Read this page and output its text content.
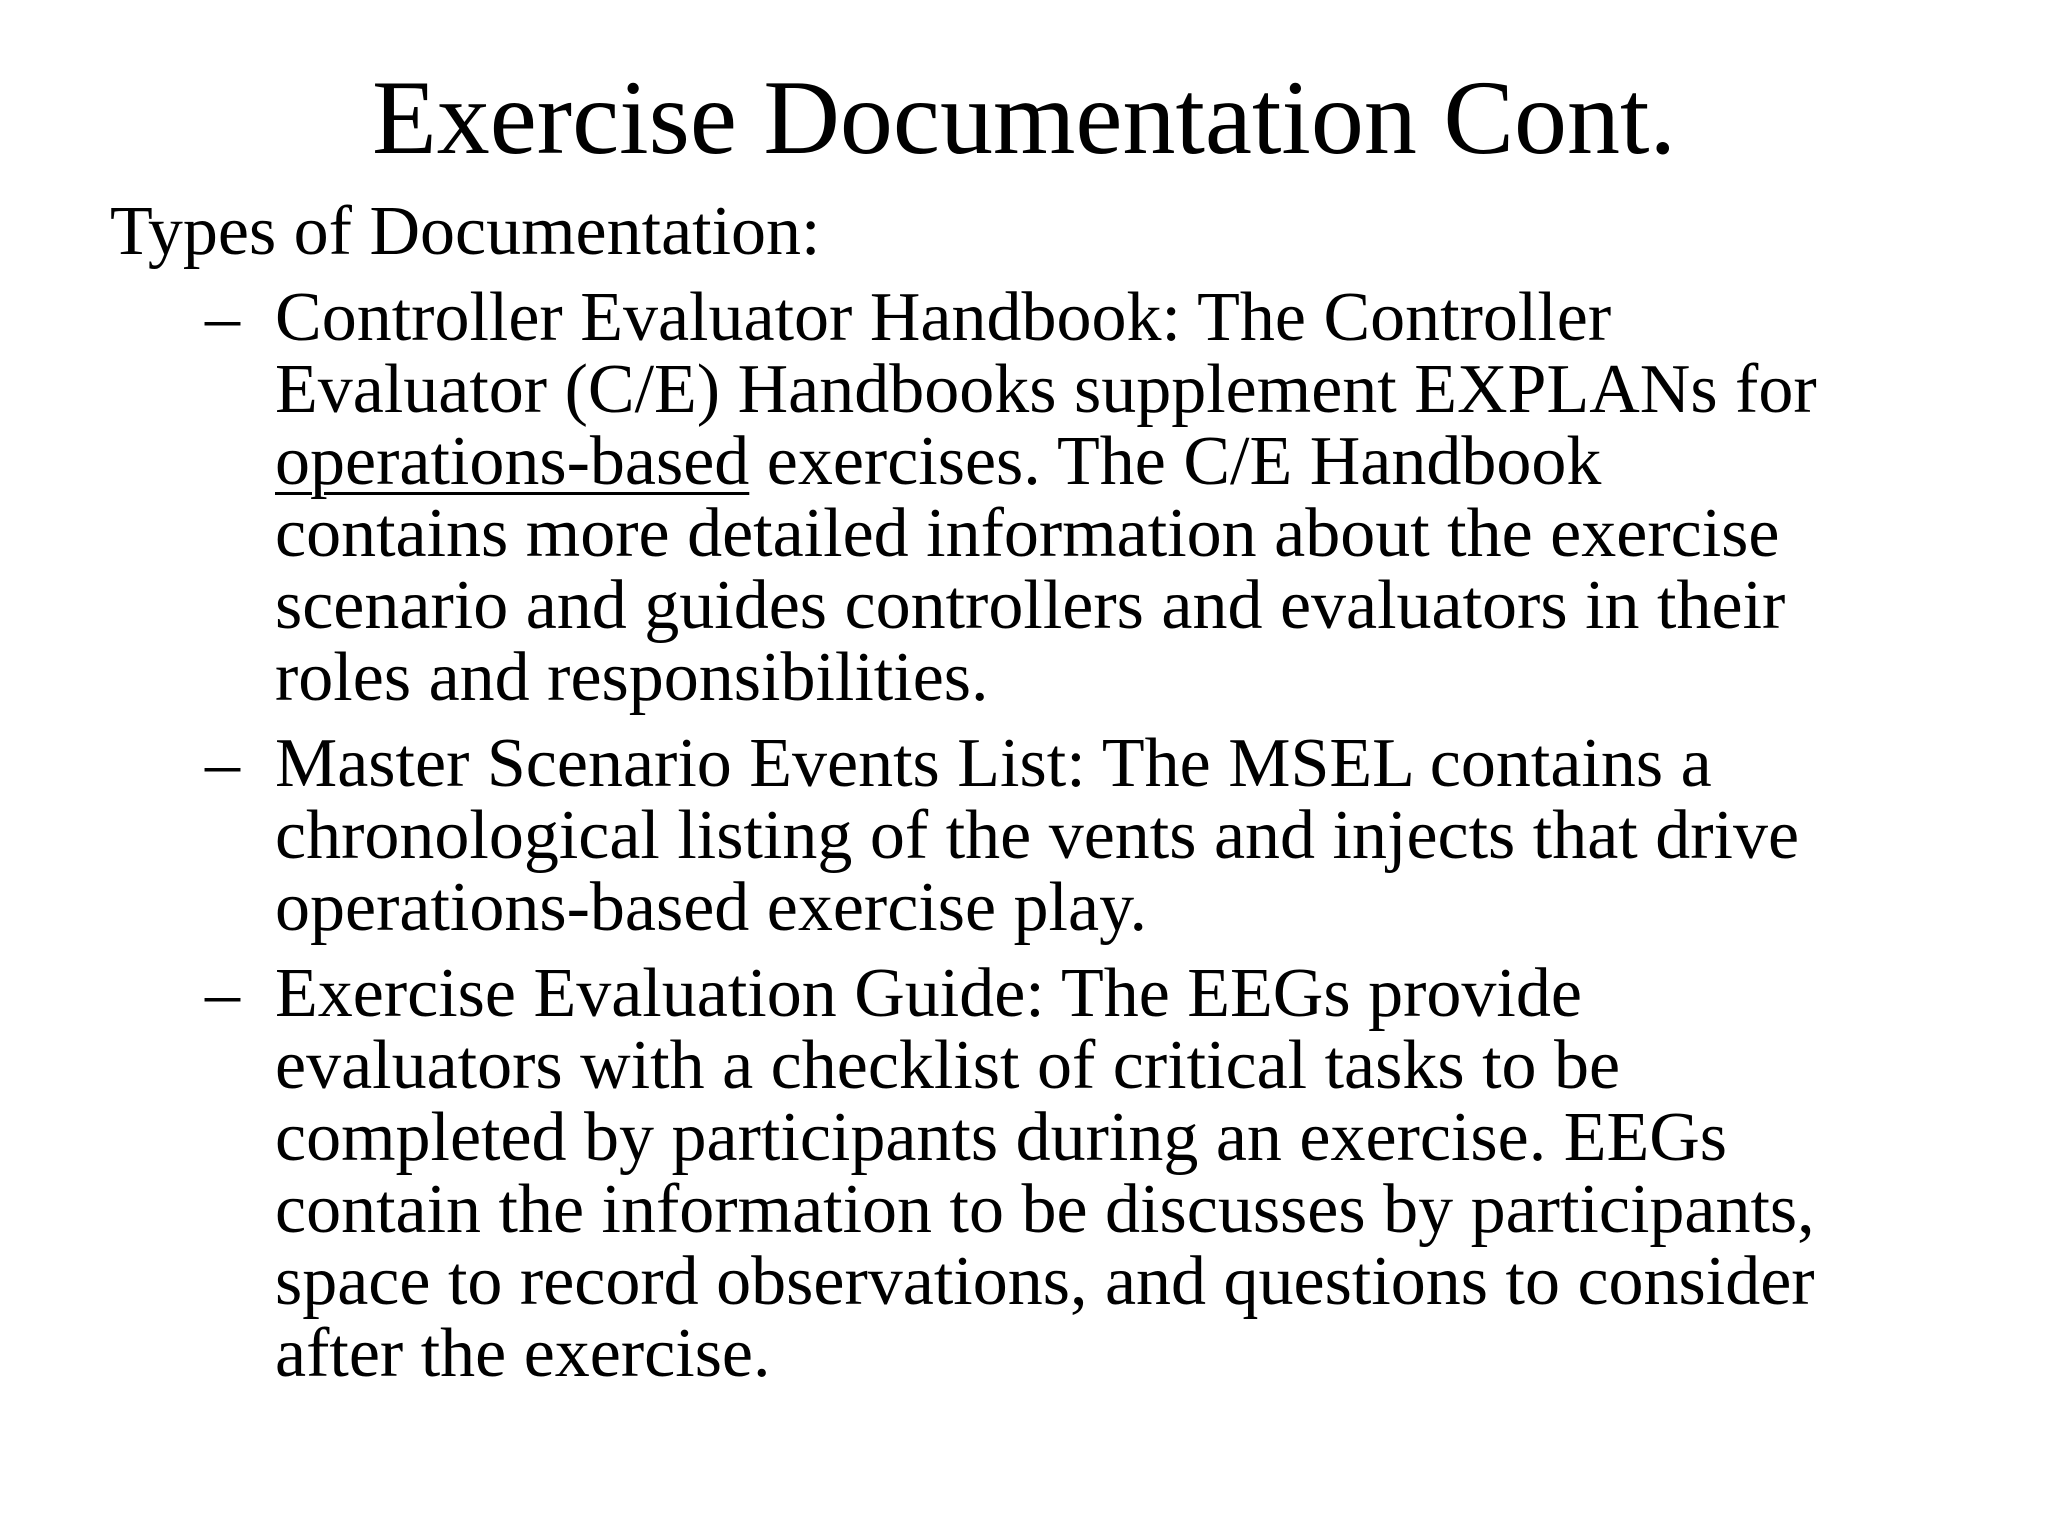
Exercise Documentation Cont.

Types of Documentation:

– Controller Evaluator Handbook: The Controller
Evaluator (C/E) Handbooks supplement EXPLANs for
operations-based exercises. The C/E Handbook
contains more detailed information about the exercise
scenario and guides controllers and evaluators in their
roles and responsibilities.
– Master Scenario Events List: The MSEL contains a
chronological listing of the vents and injects that drive
operations-based exercise play.
– Exercise Evaluation Guide: The EEGs provide
evaluators with a checklist of critical tasks to be
completed by participants during an exercise. EEGs
contain the information to be discusses by participants,
space to record observations, and questions to consider
after the exercise.
